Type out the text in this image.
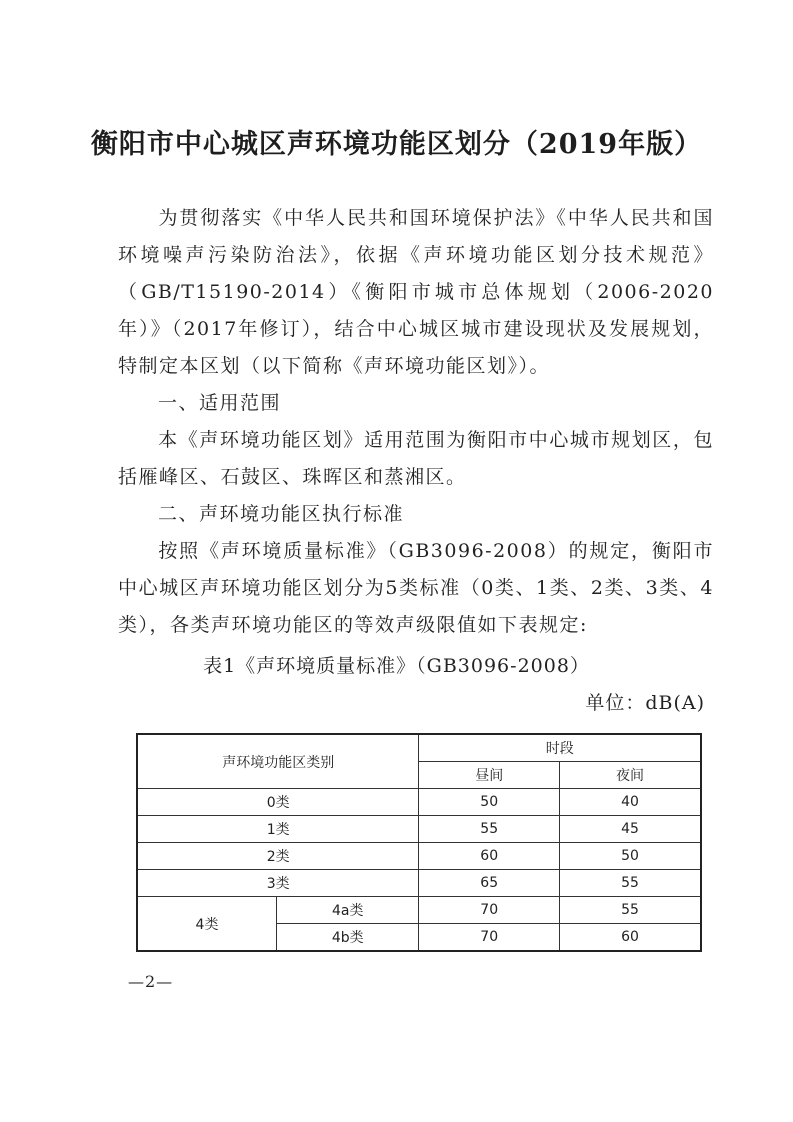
衡阳市中心城区声环境功能区划分（2019年版）
为贯彻落实《中华人民共和国环境保护法》《中华人民共和国环境噪声污染防治法》，依据《声环境功能区划分技术规范》（GB/T15190-2014）《衡阳市城市总体规划（2006-2020年）》（2017年修订），结合中心城区城市建设现状及发展规划，特制定本区划（以下简称《声环境功能区划》）。
一、适用范围
本《声环境功能区划》适用范围为衡阳市中心城市规划区，包括雁峰区、石鼓区、珠晖区和蒸湘区。
二、声环境功能区执行标准
按照《声环境质量标准》（GB3096-2008）的规定，衡阳市中心城区声环境功能区划分为5类标准（0类、1类、2类、3类、4类），各类声环境功能区的等效声级限值如下表规定:
表1《声环境质量标准》（GB3096-2008）
单位：dB(A)
声环境功能区类别		时段	
		昼间	夜间
0类		50	40
1类		55	45
2类		60	50
3类		65	55
4类	4a类	70	55
	4b类	70	60
—2—
